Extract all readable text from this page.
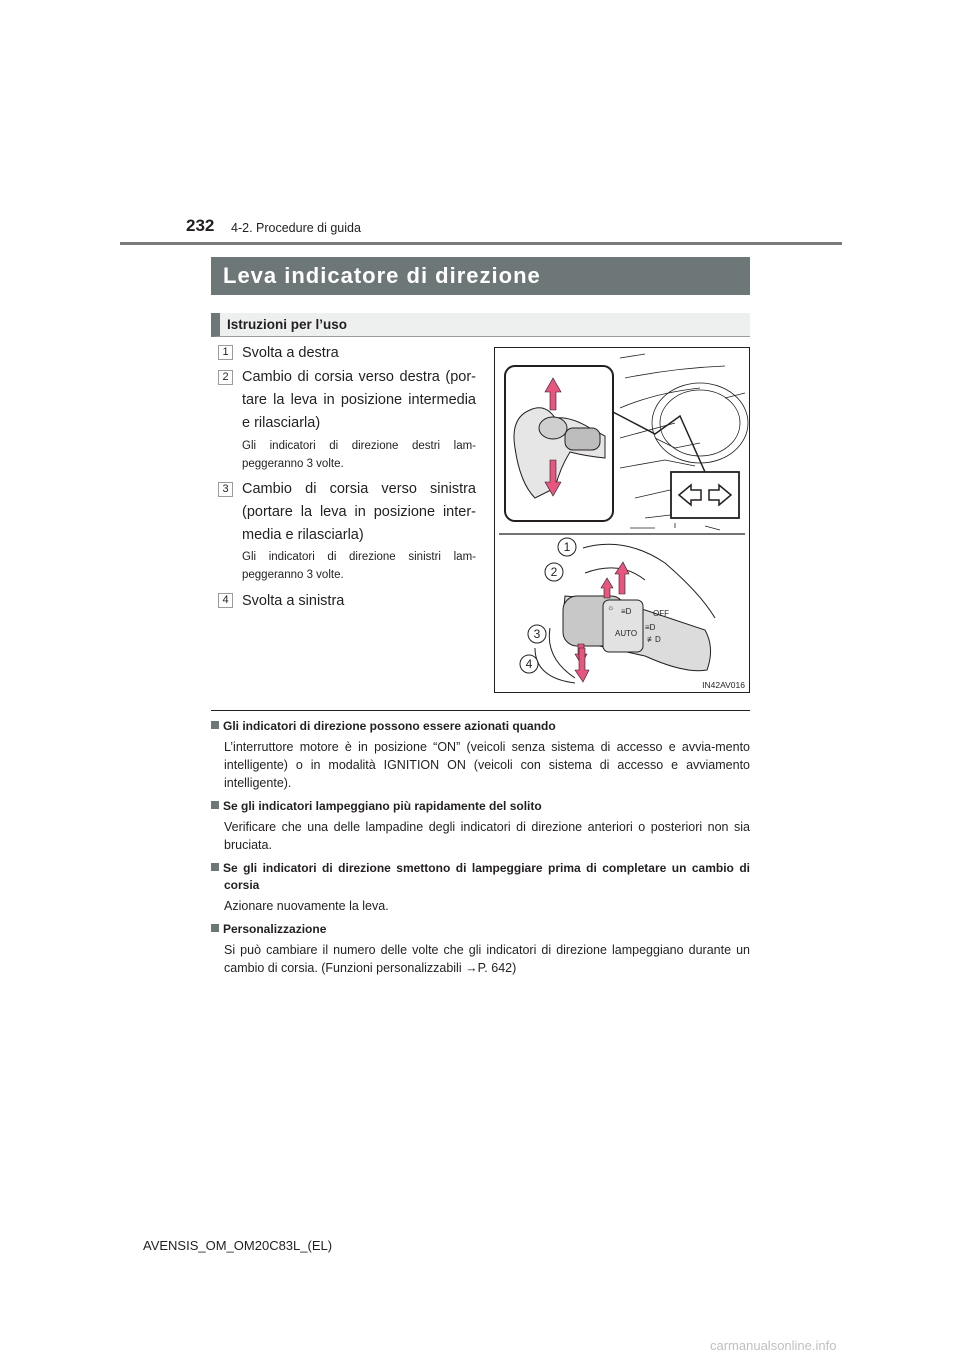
232 4-2. Procedure di guida
Leva indicatore di direzione
Istruzioni per l’uso
1 Svolta a destra
2 Cambio di corsia verso destra (por-tare la leva in posizione intermedia e rilasciarla)
Gli indicatori di direzione destri lam-peggeranno 3 volte.
3 Cambio di corsia verso sinistra (portare la leva in posizione inter-media e rilasciarla)
Gli indicatori di direzione sinistri lam-peggeranno 3 volte.
4 Svolta a sinistra	☼ ≡D
AUTO
≡D
≢D
OFF
1
2
3
4
IN42AV016
Gli indicatori di direzione possono essere azionati quando
L’interruttore motore è in posizione “ON” (veicoli senza sistema di accesso e avvia-mento intelligente) o in modalità IGNITION ON (veicoli con sistema di accesso e avviamento intelligente).
Se gli indicatori lampeggiano più rapidamente del solito
Verificare che una delle lampadine degli indicatori di direzione anteriori o posteriori non sia bruciata.
Se gli indicatori di direzione smettono di lampeggiare prima di completare un cambio di corsia
Azionare nuovamente la leva.
Personalizzazione
Si può cambiare il numero delle volte che gli indicatori di direzione lampeggiano durante un cambio di corsia. (Funzioni personalizzabili →P. 642)
AVENSIS_OM_OM20C83L_(EL)
carmanualsonline.info
